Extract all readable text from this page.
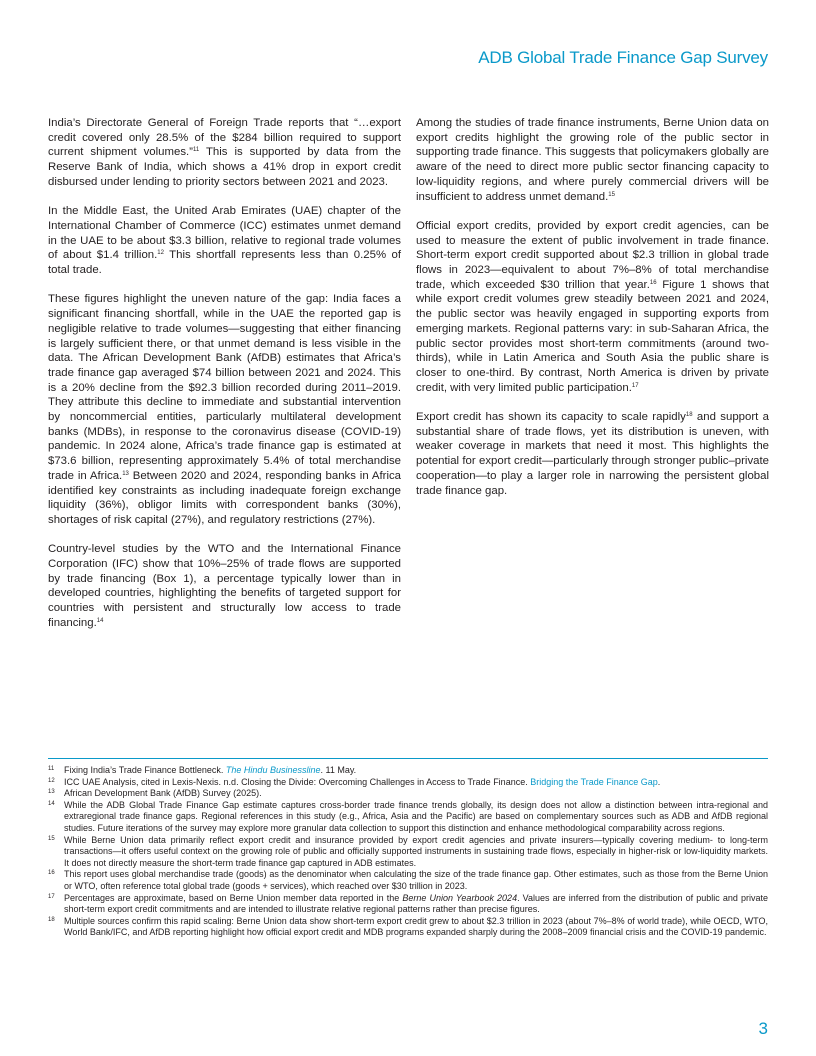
ADB Global Trade Finance Gap Survey

India’s Directorate General of Foreign Trade reports that “…export credit covered only 28.5% of the $284 billion required to support current shipment volumes.”$^{11}$ This is supported by data from the Reserve Bank of India, which shows a 41% drop in export credit disbursed under lending to priority sectors between 2021 and 2023.

In the Middle East, the United Arab Emirates (UAE) chapter of the International Chamber of Commerce (ICC) estimates unmet demand in the UAE to be about $3.3 billion, relative to regional trade volumes of about $1.4 trillion.$^{12}$ This shortfall represents less than 0.25% of total trade.

These figures highlight the uneven nature of the gap: India faces a significant financing shortfall, while in the UAE the reported gap is negligible relative to trade volumes—suggesting that either financing is largely sufficient there, or that unmet demand is less visible in the data. The African Development Bank (AfDB) estimates that Africa’s trade finance gap averaged $74 billion between 2021 and 2024. This is a 20% decline from the $92.3 billion recorded during 2011–2019. They attribute this decline to immediate and substantial intervention by noncommercial entities, particularly multilateral development banks (MDBs), in response to the coronavirus disease (COVID-19) pandemic. In 2024 alone, Africa’s trade finance gap is estimated at $73.6 billion, representing approximately 5.4% of total merchandise trade in Africa.$^{13}$ Between 2020 and 2024, responding banks in Africa identified key constraints as including inadequate foreign exchange liquidity (36%), obligor limits with correspondent banks (30%), shortages of risk capital (27%), and regulatory restrictions (27%).

Country-level studies by the WTO and the International Finance Corporation (IFC) show that 10%–25% of trade flows are supported by trade financing (Box 1), a percentage typically lower than in developed countries, highlighting the benefits of targeted support for countries with persistent and structurally low access to trade financing.$^{14}$

Among the studies of trade finance instruments, Berne Union data on export credits highlight the growing role of the public sector in supporting trade finance. This suggests that policymakers globally are aware of the need to direct more public sector financing capacity to low-liquidity regions, and where purely commercial drivers will be insufficient to address unmet demand.$^{15}$

Official export credits, provided by export credit agencies, can be used to measure the extent of public involvement in trade finance. Short-term export credit supported about $2.3 trillion in global trade flows in 2023—equivalent to about 7%–8% of total merchandise trade, which exceeded $30 trillion that year.$^{16}$ Figure 1 shows that while export credit volumes grew steadily between 2021 and 2024, the public sector was heavily engaged in supporting exports from emerging markets. Regional patterns vary: in sub-Saharan Africa, the public sector provides most short-term commitments (around two-thirds), while in Latin America and South Asia the public share is closer to one-third. By contrast, North America is driven by private credit, with very limited public participation.$^{17}$

Export credit has shown its capacity to scale rapidly$^{18}$ and support a substantial share of trade flows, yet its distribution is uneven, with weaker coverage in markets that need it most. This highlights the potential for export credit—particularly through stronger public–private cooperation—to play a larger role in narrowing the persistent global trade finance gap.

11 Fixing India’s Trade Finance Bottleneck. The Hindu Businessline. 11 May.
12 ICC UAE Analysis, cited in Lexis-Nexis. n.d. Closing the Divide: Overcoming Challenges in Access to Trade Finance. Bridging the Trade Finance Gap.
13 African Development Bank (AfDB) Survey (2025).
14 While the ADB Global Trade Finance Gap estimate captures cross-border trade finance trends globally, its design does not allow a distinction between intra-regional and extraregional trade finance gaps. Regional references in this study (e.g., Africa, Asia and the Pacific) are based on complementary sources such as ADB and AfDB regional studies. Future iterations of the survey may explore more granular data collection to support this distinction and enhance methodological comparability across regions.
15 While Berne Union data primarily reflect export credit and insurance provided by export credit agencies and private insurers—typically covering medium- to long-term transactions—it offers useful context on the growing role of public and officially supported instruments in sustaining trade flows, especially in higher-risk or low-liquidity markets. It does not directly measure the short-term trade finance gap captured in ADB estimates.
16 This report uses global merchandise trade (goods) as the denominator when calculating the size of the trade finance gap. Other estimates, such as those from the Berne Union or WTO, often reference total global trade (goods + services), which reached over $30 trillion in 2023.
17 Percentages are approximate, based on Berne Union member data reported in the Berne Union Yearbook 2024. Values are inferred from the distribution of public and private short-term export credit commitments and are intended to illustrate relative regional patterns rather than precise figures.
18 Multiple sources confirm this rapid scaling: Berne Union data show short-term export credit grew to about $2.3 trillion in 2023 (about 7%–8% of world trade), while OECD, WTO, World Bank/IFC, and AfDB reporting highlight how official export credit and MDB programs expanded sharply during the 2008–2009 financial crisis and the COVID-19 pandemic.
3
